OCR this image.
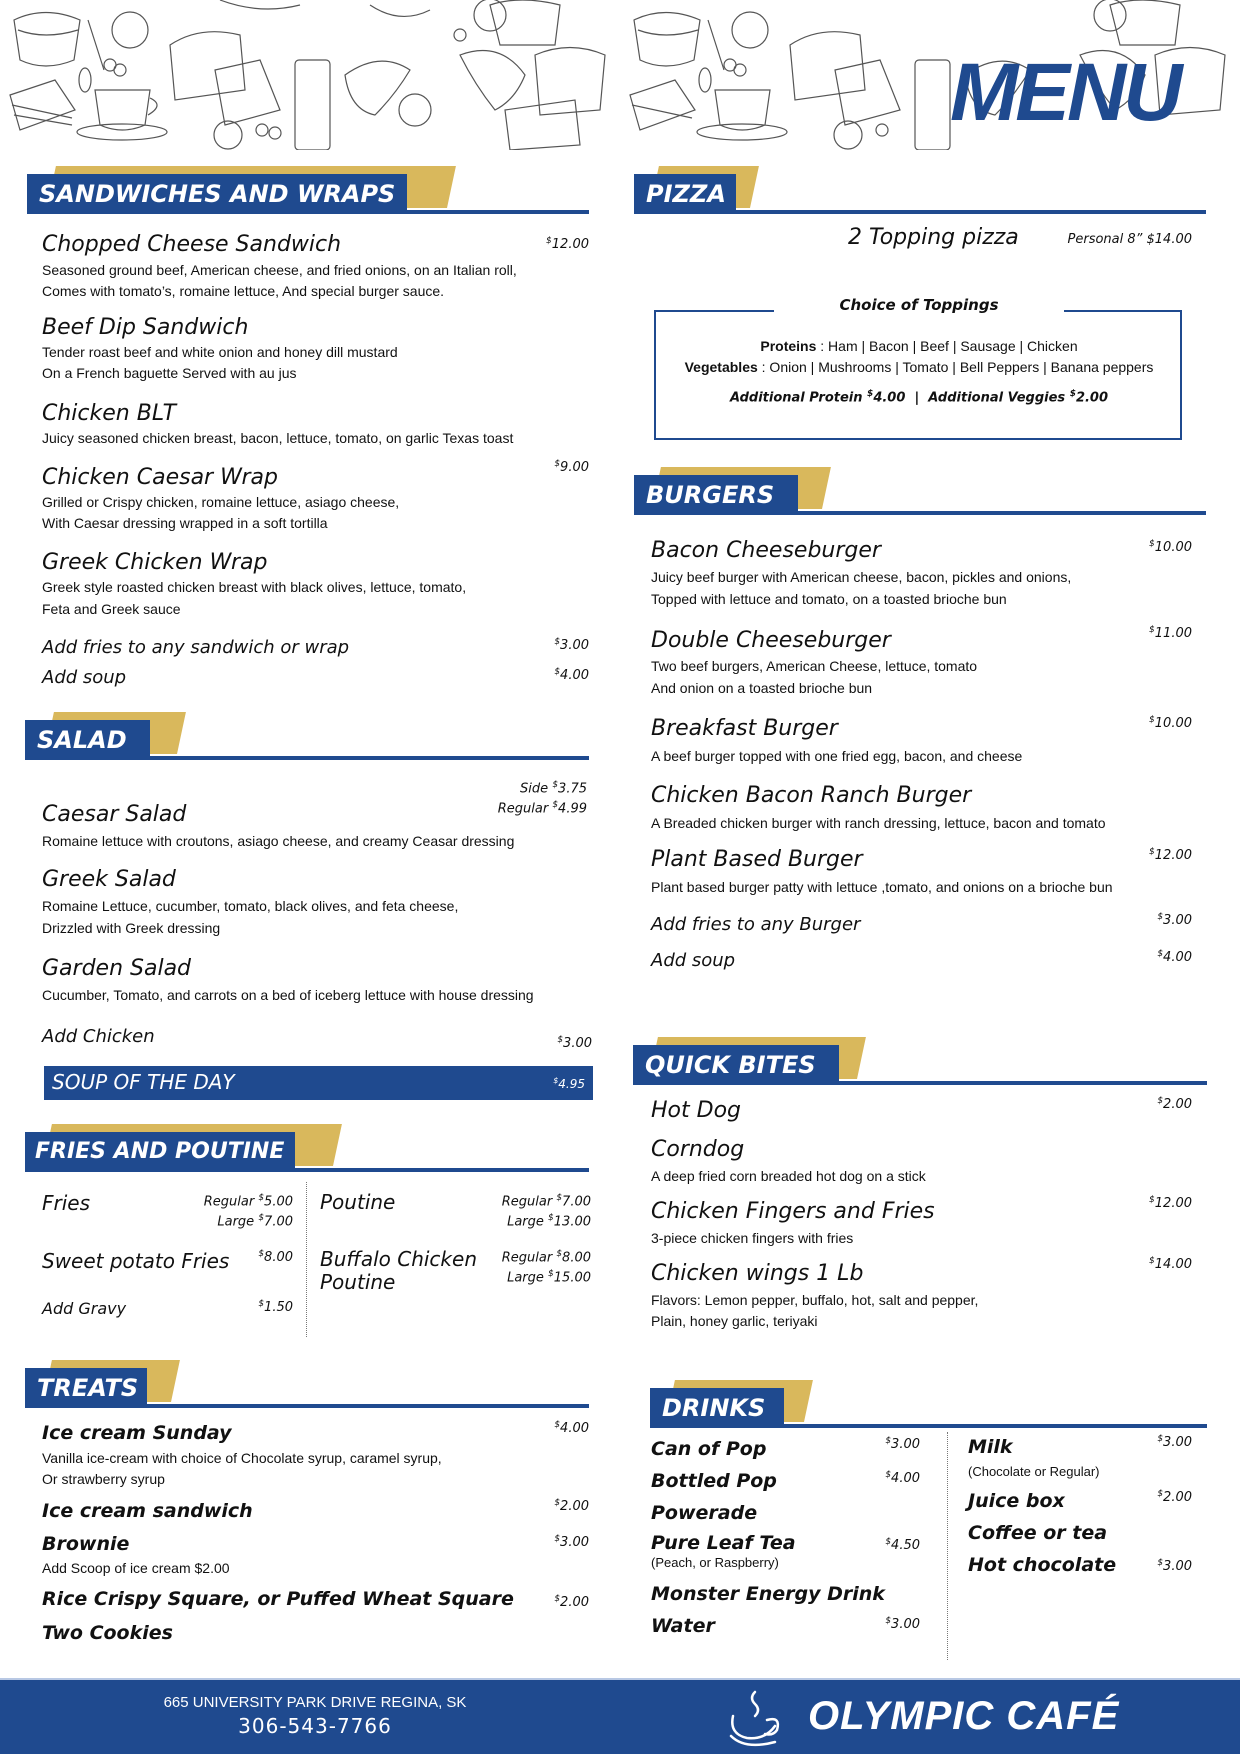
MENU
SANDWICHES AND WRAPS
Chopped Cheese Sandwich	$12.00
Seasoned ground beef, American cheese, and fried onions, on an Italian roll,
Comes with tomato’s, romaine lettuce, And special burger sauce.
Beef Dip Sandwich
Tender roast beef and white onion and honey dill mustard
On a French baguette Served with au jus
Chicken BLT
Juicy seasoned chicken breast, bacon, lettuce, tomato, on garlic Texas toast
Chicken Caesar Wrap
$9.00
Grilled or Crispy chicken, romaine lettuce, asiago cheese,
With Caesar dressing wrapped in a soft tortilla
Greek Chicken Wrap
Greek style roasted chicken breast with black olives, lettuce, tomato,
Feta and Greek sauce
Add fries to any sandwich or wrap	$3.00
Add soup	$4.00
SALAD
Side $3.75
Regular $4.99
Caesar Salad
Romaine lettuce with croutons, asiago cheese, and creamy Ceasar dressing
Greek Salad
Romaine Lettuce, cucumber, tomato, black olives, and feta cheese,
Drizzled with Greek dressing
Garden Salad
Cucumber, Tomato, and carrots on a bed of iceberg lettuce with house dressing
Add Chicken	$3.00
SOUP OF THE DAY	$4.95
FRIES AND POUTINE
Fries	Regular $5.00
Large $7.00
Sweet potato Fries	$8.00
Add Gravy	$1.50
Poutine	Regular $7.00
Large $13.00
Buffalo Chicken
Poutine
Regular $8.00
Large $15.00
TREATS
Ice cream Sunday	$4.00
Vanilla ice-cream with choice of Chocolate syrup, caramel syrup,
Or strawberry syrup
Ice cream sandwich	$2.00
Brownie	$3.00
Add Scoop of ice cream $2.00
Rice Crispy Square, or Puffed Wheat Square	$2.00
Two Cookies
PIZZA
2 Topping pizza	Personal 8” $14.00
Choice of Toppings
Proteins : Ham | Bacon | Beef | Sausage | Chicken
Vegetables : Onion | Mushrooms | Tomato | Bell Peppers | Banana peppers
Additional Protein $4.00  |  Additional Veggies $2.00
BURGERS
Bacon Cheeseburger	$10.00
Juicy beef burger with American cheese, bacon, pickles and onions,
Topped with lettuce and tomato, on a toasted brioche bun
Double Cheeseburger	$11.00
Two beef burgers, American Cheese, lettuce, tomato
And onion on a toasted brioche bun
Breakfast Burger	$10.00
A beef burger topped with one fried egg, bacon, and cheese
Chicken Bacon Ranch Burger
A Breaded chicken burger with ranch dressing, lettuce, bacon and tomato
Plant Based Burger	$12.00
Plant based burger patty with lettuce ,tomato, and onions on a brioche bun
Add fries to any Burger	$3.00
Add soup	$4.00
QUICK BITES
Hot Dog	$2.00
Corndog
A deep fried corn breaded hot dog on a stick
Chicken Fingers and Fries	$12.00
3-piece chicken fingers with fries
Chicken wings 1 Lb	$14.00
Flavors: Lemon pepper, buffalo, hot, salt and pepper,
Plain, honey garlic, teriyaki
DRINKS
Can of Pop	$3.00
Bottled Pop	$4.00
Powerade
Pure Leaf Tea	$4.50
(Peach, or Raspberry)
Monster Energy Drink
Water	$3.00
Milk	$3.00
(Chocolate or Regular)
Juice box	$2.00
Coffee or tea
Hot chocolate	$3.00
665 UNIVERSITY PARK DRIVE REGINA, SK
306-543-7766	OLYMPIC CAFÉ
